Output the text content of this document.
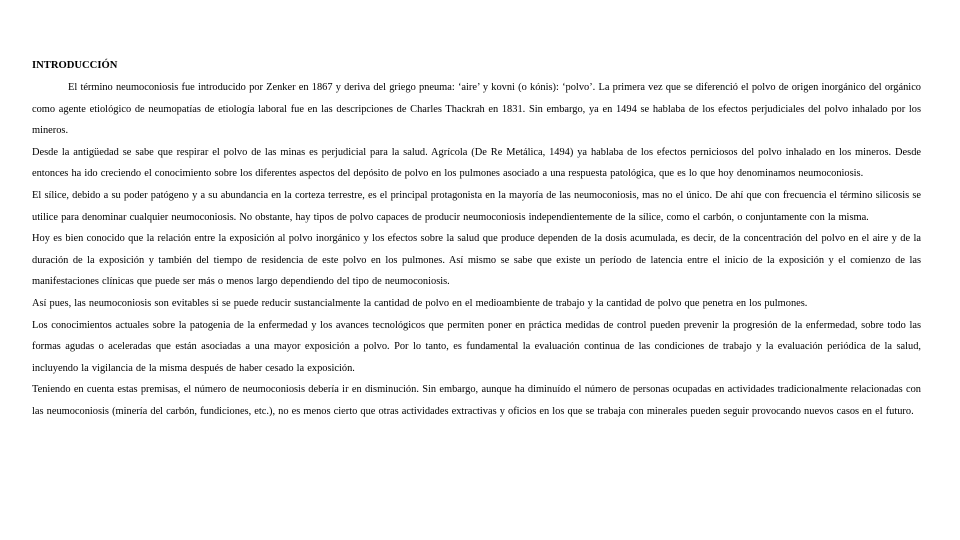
INTRODUCCIÓN

El término neumoconiosis fue introducido por Zenker en 1867 y deriva del griego pneuma: ‘aire’ y kovni (o kónis): ‘polvo’. La primera vez que se diferenció el polvo de origen inorgánico del orgánico como agente etiológico de neumopatías de etiología laboral fue en las descripciones de Charles Thackrah en 1831. Sin embargo, ya en 1494 se hablaba de los efectos perjudiciales del polvo inhalado por los mineros.

Desde la antigüedad se sabe que respirar el polvo de las minas es perjudicial para la salud. Agrícola (De Re Metálica, 1494) ya hablaba de los efectos perniciosos del polvo inhalado en los mineros. Desde entonces ha ido creciendo el conocimiento sobre los diferentes aspectos del depósito de polvo en los pulmones asociado a una respuesta patológica, que es lo que hoy denominamos neumoconiosis.

El sílice, debido a su poder patógeno y a su abundancia en la corteza terrestre, es el principal protagonista en la mayoría de las neumoconiosis, mas no el único. De ahí que con frecuencia el término silicosis se utilice para denominar cualquier neumoconiosis. No obstante, hay tipos de polvo capaces de producir neumoconiosis independientemente de la sílice, como el carbón, o conjuntamente con la misma.

Hoy es bien conocido que la relación entre la exposición al polvo inorgánico y los efectos sobre la salud que produce dependen de la dosis acumulada, es decir, de la concentración del polvo en el aire y de la duración de la exposición y también del tiempo de residencia de este polvo en los pulmones. Así mismo se sabe que existe un período de latencia entre el inicio de la exposición y el comienzo de las manifestaciones clínicas que puede ser más o menos largo dependiendo del tipo de neumoconiosis.

Así pues, las neumoconiosis son evitables si se puede reducir sustancialmente la cantidad de polvo en el medioambiente de trabajo y la cantidad de polvo que penetra en los pulmones.

Los conocimientos actuales sobre la patogenia de la enfermedad y los avances tecnológicos que permiten poner en práctica medidas de control pueden prevenir la progresión de la enfermedad, sobre todo las formas agudas o aceleradas que están asociadas a una mayor exposición a polvo. Por lo tanto, es fundamental la evaluación continua de las condiciones de trabajo y la evaluación periódica de la salud, incluyendo la vigilancia de la misma después de haber cesado la exposición.

Teniendo en cuenta estas premisas, el número de neumoconiosis debería ir en disminución. Sin embargo, aunque ha diminuído el número de personas ocupadas en actividades tradicionalmente relacionadas con las neumoconiosis (minería del carbón, fundiciones, etc.), no es menos cierto que otras actividades extractivas y oficios en los que se trabaja con minerales pueden seguir provocando nuevos casos en el futuro.
